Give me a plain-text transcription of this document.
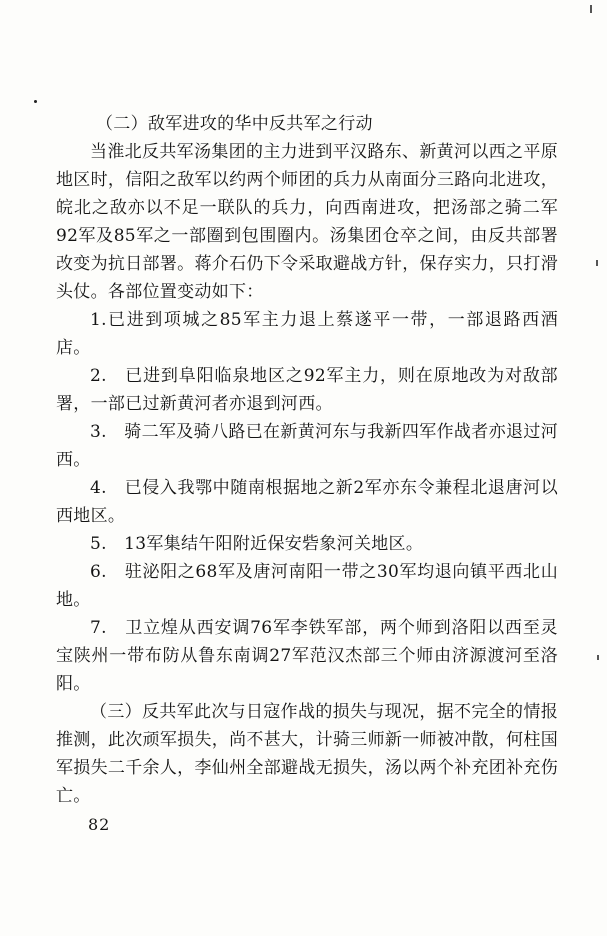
（二）敌军进攻的华中反共军之行动

当淮北反共军汤集团的主力进到平汉路东、新黄河以西之平原地区时，信阳之敌军以约两个师团的兵力从南面分三路向北进攻，皖北之敌亦以不足一联队的兵力，向西南进攻，把汤部之骑二军92军及85军之一部圈到包围圈内。汤集团仓卒之间，由反共部署改变为抗日部署。蒋介石仍下令采取避战方针，保存实力，只打滑头仗。各部位置变动如下：

1.已进到项城之85军主力退上蔡遂平一带，一部退路西酒店。

2.　已进到阜阳临泉地区之92军主力，则在原地改为对敌部署，一部已过新黄河者亦退到河西。

3.　骑二军及骑八路已在新黄河东与我新四军作战者亦退过河西。

4.　已侵入我鄂中随南根据地之新2军亦东令兼程北退唐河以西地区。

5.　13军集结午阳附近保安砦象河关地区。

6.　驻泌阳之68军及唐河南阳一带之30军均退向镇平西北山地。

7.　卫立煌从西安调76军李铁军部，两个师到洛阳以西至灵宝陕州一带布防从鲁东南调27军范汉杰部三个师由济源渡河至洛阳。

（三）反共军此次与日寇作战的损失与现况，据不完全的情报推测，此次顽军损失，尚不甚大，计骑三师新一师被冲散，何柱国军损失二千余人，李仙州全部避战无损失，汤以两个补充团补充伤亡。

82
